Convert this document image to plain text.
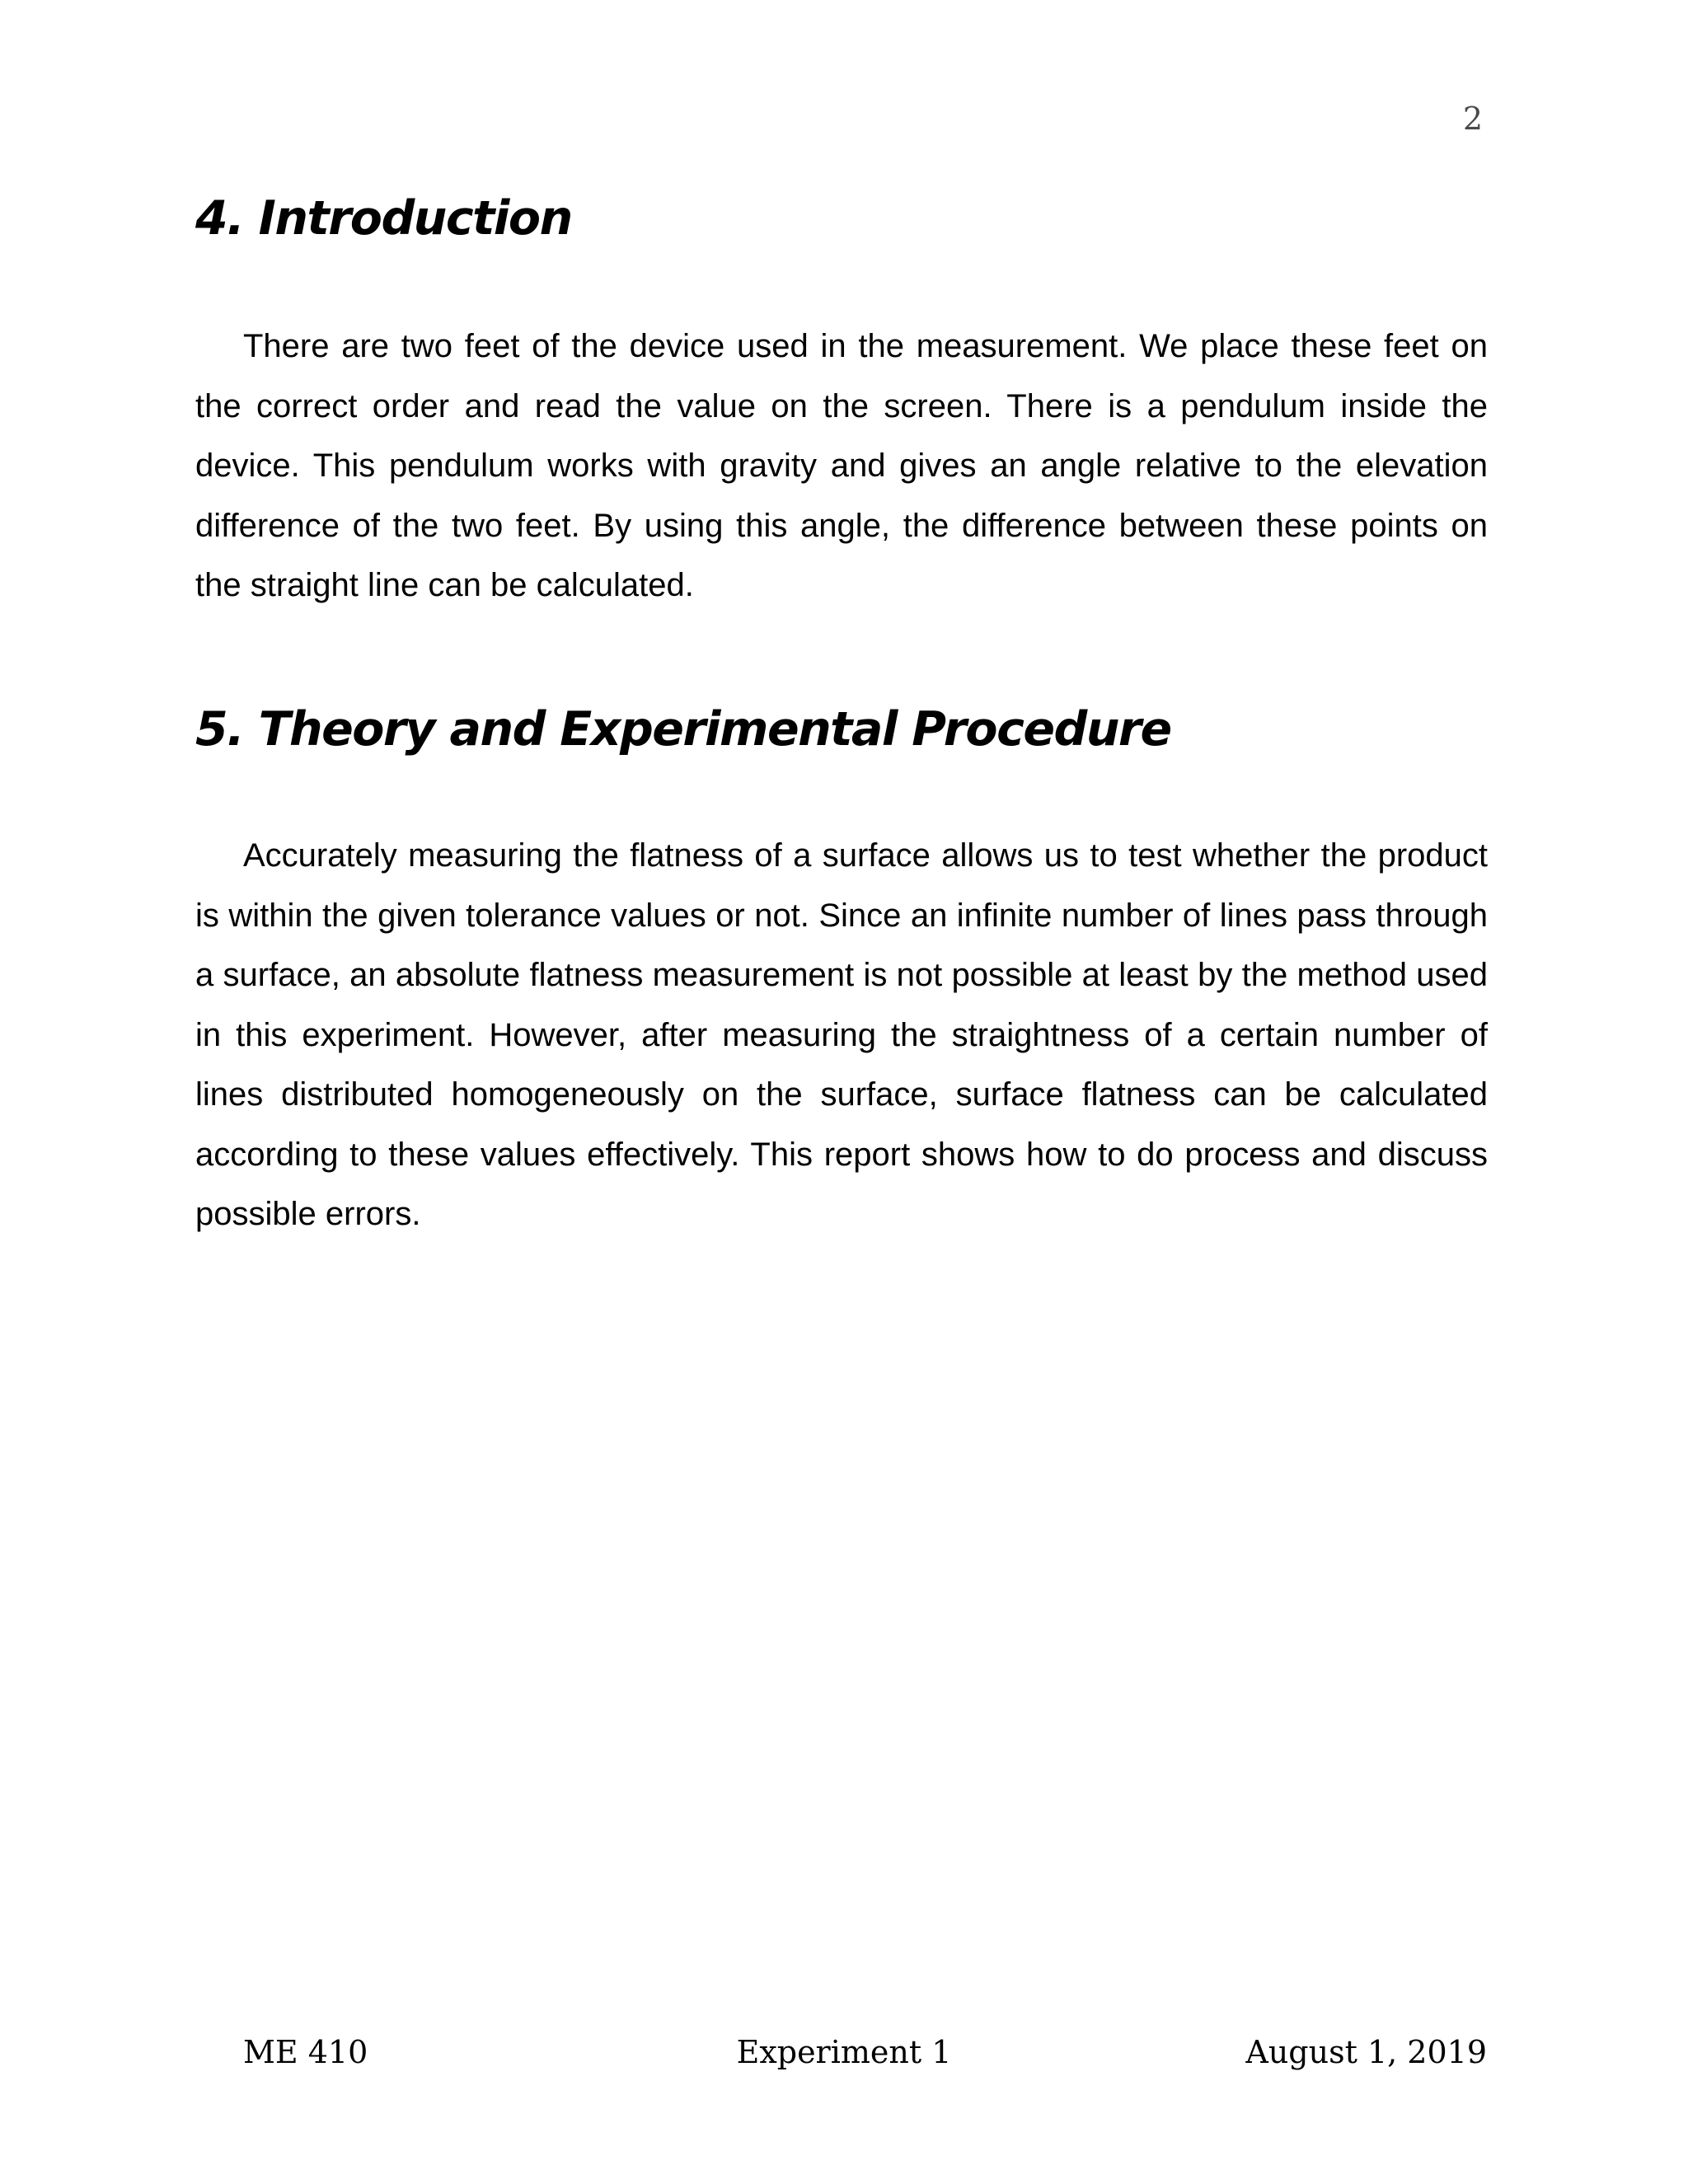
2
4. Introduction

There are two feet of the device used in the measurement. We place these feet on the correct order and read the value on the screen. There is a pendulum inside the device. This pendulum works with gravity and gives an angle relative to the elevation difference of the two feet. By using this angle, the difference between these points on the straight line can be calculated.

5. Theory and Experimental Procedure

Accurately measuring the flatness of a surface allows us to test whether the product is within the given tolerance values or not. Since an infinite number of lines pass through a surface, an absolute flatness measurement is not possible at least by the method used in this experiment. However, after measuring the straightness of a certain number of lines distributed homogeneously on the surface, surface flatness can be calculated according to these values effectively. This report shows how to do process and discuss possible errors.

Experiment 1
ME 410	August 1, 2019
